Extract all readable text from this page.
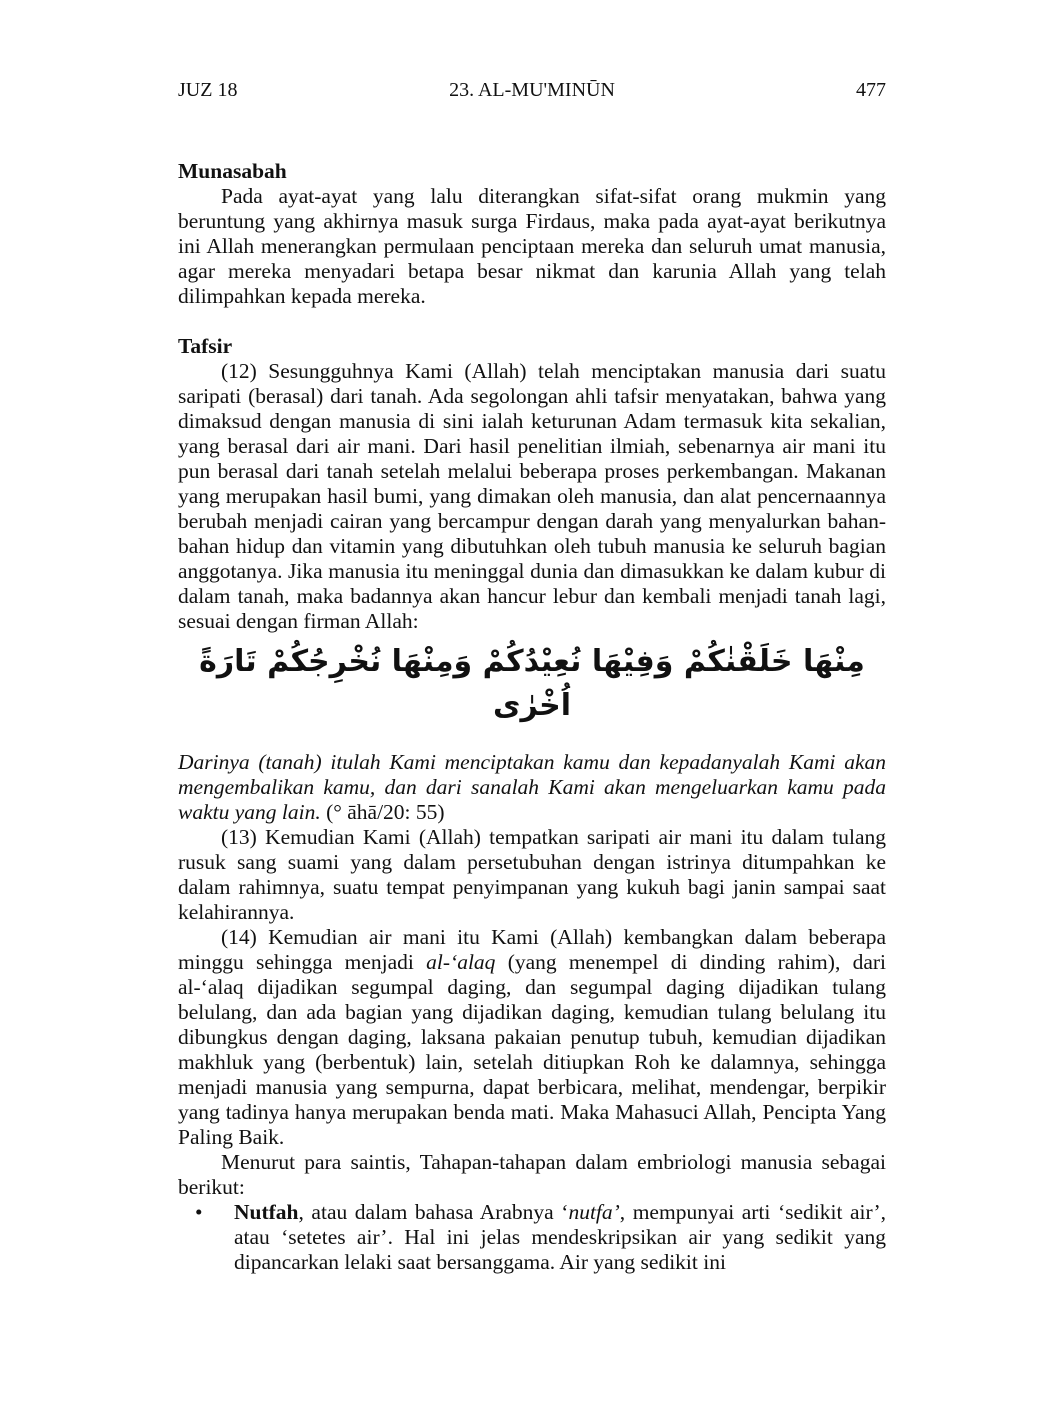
JUZ 18	23. AL-MU'MINŪN	477

Munasabah

Pada ayat-ayat yang lalu diterangkan sifat-sifat orang mukmin yang beruntung yang akhirnya masuk surga Firdaus, maka pada ayat-ayat berikutnya ini Allah menerangkan permulaan penciptaan mereka dan seluruh umat manusia, agar mereka menyadari betapa besar nikmat dan karunia Allah yang telah dilimpahkan kepada mereka.

Tafsir

(12) Sesungguhnya Kami (Allah) telah menciptakan manusia dari suatu saripati (berasal) dari tanah. Ada segolongan ahli tafsir menyatakan, bahwa yang dimaksud dengan manusia di sini ialah keturunan Adam termasuk kita sekalian, yang berasal dari air mani. Dari hasil penelitian ilmiah, sebenarnya air mani itu pun berasal dari tanah setelah melalui beberapa proses perkembangan. Makanan yang merupakan hasil bumi, yang dimakan oleh manusia, dan alat pencernaannya berubah menjadi cairan yang bercampur dengan darah yang menyalurkan bahan-bahan hidup dan vitamin yang dibutuhkan oleh tubuh manusia ke seluruh bagian anggotanya. Jika manusia itu meninggal dunia dan dimasukkan ke dalam kubur di dalam tanah, maka badannya akan hancur lebur dan kembali menjadi tanah lagi, sesuai dengan firman Allah:

مِنْهَا خَلَقْنٰكُمْ وَفِيْهَا نُعِيْدُكُمْ وَمِنْهَا نُخْرِجُكُمْ تَارَةً اُخْرٰى

Darinya (tanah) itulah Kami menciptakan kamu dan kepadanyalah Kami akan mengembalikan kamu, dan dari sanalah Kami akan mengeluarkan kamu pada waktu yang lain. (° āhā/20: 55)

(13) Kemudian Kami (Allah) tempatkan saripati air mani itu dalam tulang rusuk sang suami yang dalam persetubuhan dengan istrinya ditumpahkan ke dalam rahimnya, suatu tempat penyimpanan yang kukuh bagi janin sampai saat kelahirannya.

(14) Kemudian air mani itu Kami (Allah) kembangkan dalam beberapa minggu sehingga menjadi al-‘alaq (yang menempel di dinding rahim), dari al-‘alaq dijadikan segumpal daging, dan segumpal daging dijadikan tulang belulang, dan ada bagian yang dijadikan daging, kemudian tulang belulang itu dibungkus dengan daging, laksana pakaian penutup tubuh, kemudian dijadikan makhluk yang (berbentuk) lain, setelah ditiupkan Roh ke dalamnya, sehingga menjadi manusia yang sempurna, dapat berbicara, melihat, mendengar, berpikir yang tadinya hanya merupakan benda mati. Maka Mahasuci Allah, Pencipta Yang Paling Baik.

Menurut para saintis, Tahapan-tahapan dalam embriologi manusia sebagai berikut:

• Nutfah, atau dalam bahasa Arabnya ‘nutfa’, mempunyai arti ‘sedikit air’, atau ‘setetes air’. Hal ini jelas mendeskripsikan air yang sedikit yang dipancarkan lelaki saat bersanggama. Air yang sedikit ini
